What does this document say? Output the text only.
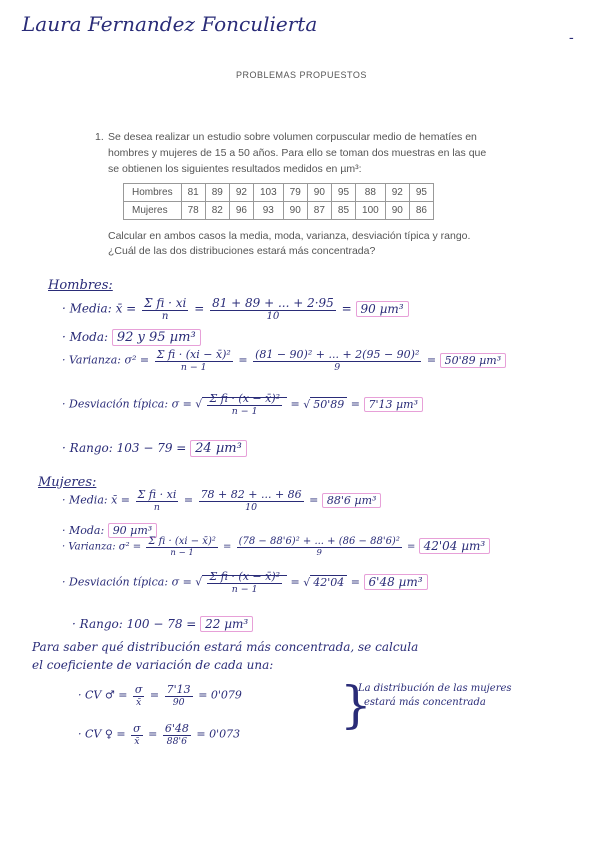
Laura Fernandez Fonculierta
-
PROBLEMAS PROPUESTOS
1. Se desea realizar un estudio sobre volumen corpuscular medio de hematíes en hombres y mujeres de 15 a 50 años. Para ello se toman dos muestras en las que se obtienen los siguientes resultados medidos en µm³:
Hombres	81	89	92	103	79	90	95	88	92	95
Mujeres	78	82	96	93	90	87	85	100	90	86
Calcular en ambos casos la media, moda, varianza, desviación típica y rango. ¿Cuál de las dos distribuciones estará más concentrada?
Hombres:
· Media: x̄ = $\frac{\text{Σ fi · xi}}{n} = \frac{81 + 89 + ... + 2\cdot 95}{10} = 90$ µm³
· Moda: 92 y 95 µm³
· Varianza: $\sigma^2 = \frac{\text{Σ fi · (xi − x̄)²}}{n - 1} = \frac{\text{(81 − 90)² + ... + 2(95 − 90)²}}{9} = 50'89$ µm³
· Desviación típica: σ = √ $\frac{\text{Σ fi · (x − x̄)²}}{n - 1}$ = √ 50'89 = 7'13 µm³
· Rango: 103 − 79 = 24 µm³
Mujeres:
· Media: x̄ = $\frac{\text{Σ fi · xi}}{n} = \frac{78 + 82 + ... + 86}{10} = 88'6$ µm³
· Moda: 90 µm³
· Varianza: $\sigma^2 = \frac{\text{Σ fi · (xi − x̄)²}}{n - 1} = \frac{\text{(78 − 88'6)² + ... + (86 − 88'6)²}}{9} = 42'04$ µm³
· Desviación típica: σ = √ $\frac{\text{Σ fi · (x − x̄)²}}{n - 1}$ = √ 42'04 = 6'48 µm³
· Rango: 100 − 78 = 22 µm³
Para saber qué distribución estará más concentrada, se calcula
el coeficiente de variación de cada una:
· CV ♂ = $\frac{\sigma}{x̄} = \frac{7'13}{90} = 0'079$ }
La distribución de las mujeres
estará más concentrada
· CV ♀ = $\frac{\sigma}{x̄} = \frac{6'48}{88'6} = 0'073$
